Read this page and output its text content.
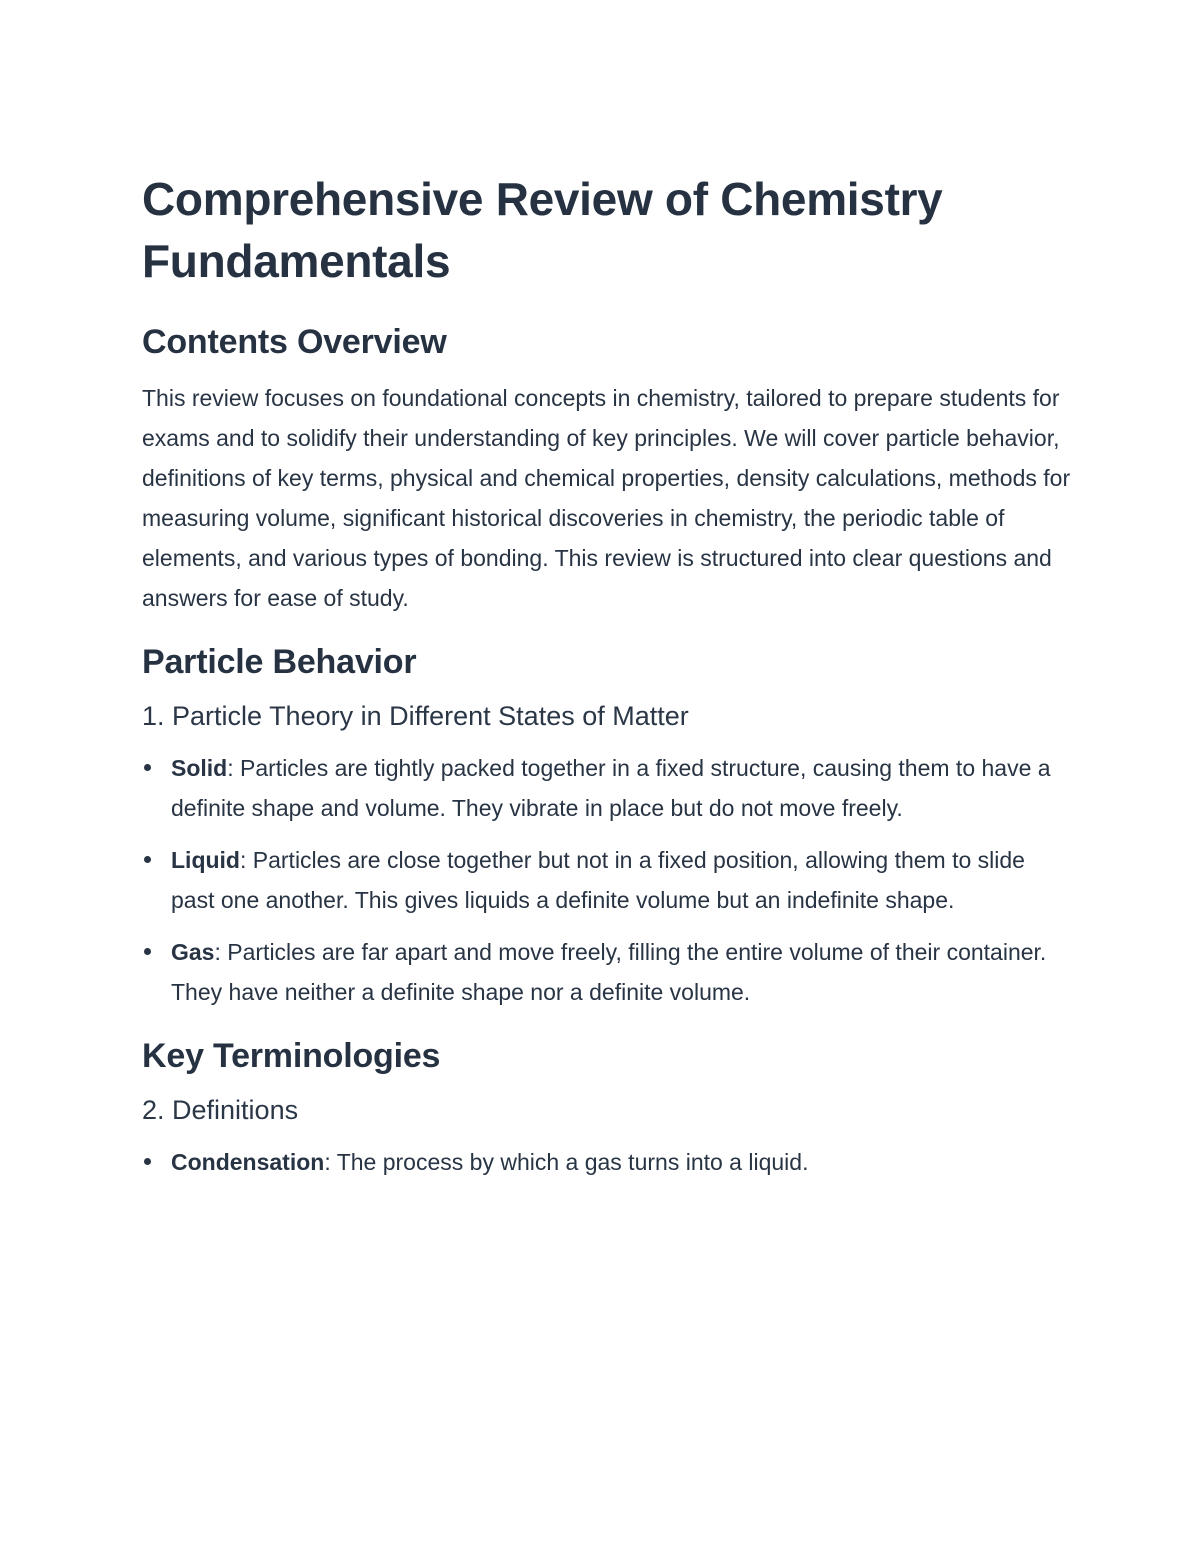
Comprehensive Review of Chemistry Fundamentals
Contents Overview

This review focuses on foundational concepts in chemistry, tailored to prepare students for exams and to solidify their understanding of key principles. We will cover particle behavior, definitions of key terms, physical and chemical properties, density calculations, methods for measuring volume, significant historical discoveries in chemistry, the periodic table of elements, and various types of bonding. This review is structured into clear questions and answers for ease of study.

Particle Behavior
1. Particle Theory in Different States of Matter
Solid: Particles are tightly packed together in a fixed structure, causing them to have a definite shape and volume. They vibrate in place but do not move freely.
Liquid: Particles are close together but not in a fixed position, allowing them to slide past one another. This gives liquids a definite volume but an indefinite shape.
Gas: Particles are far apart and move freely, filling the entire volume of their container. They have neither a definite shape nor a definite volume.
Key Terminologies
2. Definitions
Condensation: The process by which a gas turns into a liquid.
